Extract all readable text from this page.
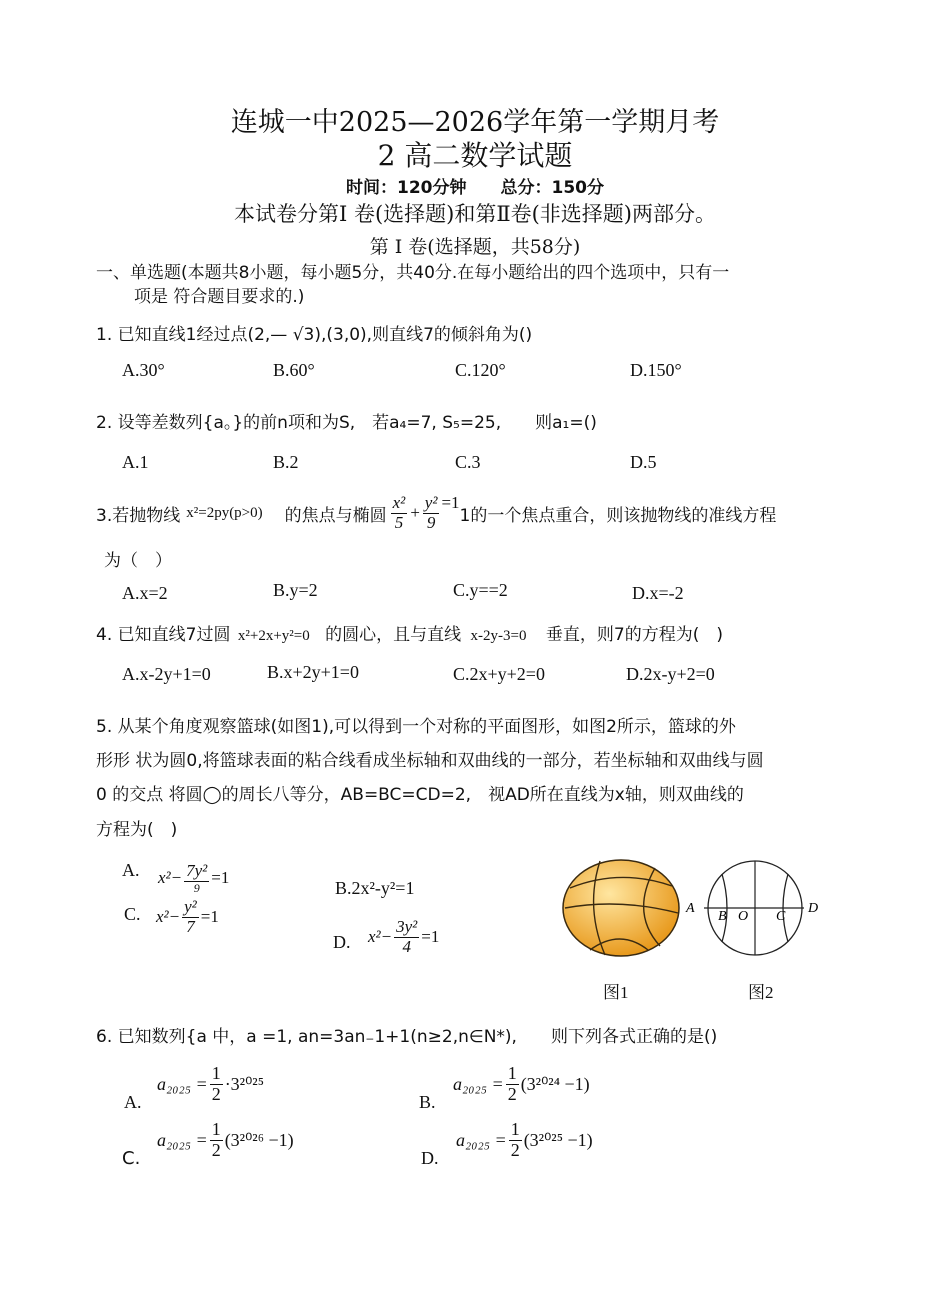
连城一中2025—2026学年第一学期月考
2 高二数学试题
时间：120分钟　　总分：150分
本试卷分第Ⅰ 卷(选择题)和第Ⅱ卷(非选择题)两部分。
第 Ⅰ 卷(选择题，共58分)
一、单选题(本题共8小题，每小题5分，共40分.在每小题给出的四个选项中，只有一
项是 符合题目要求的.)
1. 已知直线1经过点(2,— √3),(3,0),则直线7的倾斜角为()
A.30°	B.60°	C.120°	D.150°
2. 设等差数列{a。}的前n项和为S,　若a₄=7, S₅=25,　　则a₁=()
A.1	B.2	C.3	D.5
3.若抛物线 x²=2py(p>0) 的焦点与椭圆 $\frac{\text{x²}}{5} + \frac{\text{y²}}{9} =1$
1的一个焦点重合，则该抛物线的准线方程
为（　）
A.x=2	B.y=2	C.y==2	D.x=-2
4. 已知直线7过圆 x²+2x+y²=0 的圆心，且与直线 x-2y-3=0 垂直，则7的方程为(　)
A.x-2y+1=0	B.x+2y+1=0	C.2x+y+2=0	D.2x-y+2=0
5. 从某个角度观察篮球(如图1),可以得到一个对称的平面图形，如图2所示，篮球的外
形形 状为圆0,将篮球表面的粘合线看成坐标轴和双曲线的一部分，若坐标轴和双曲线与圆
0 的交点 将圆◯的周长八等分，AB=BC=CD=2,　视AD所在直线为x轴，则双曲线的
方程为(　)
A. $x^2- \frac{\text{7y²}}{9} =1$
C. $x^2- \frac{\text{y²}}{7} =1$
B.2x²-y²=1
D. $x^2- \frac{\text{3y²}}{4} =1$
图1
A
B O C
D
图2
6. 已知数列{a 中，a =1, an=3an₋1+1(n≥2,n∈N*),　　则下列各式正确的是()
A.
$a_{2025} = \frac{1}{2} \cdot 3^{2025}$
B.
$a_{2025} = \frac{1}{2} (3^{2024} -1)$
C.
$a_{2025} = \frac{1}{2} (3^{2026} -1)$
D.
$a_{2025} = \frac{1}{2} (3^{2025} -1)$
